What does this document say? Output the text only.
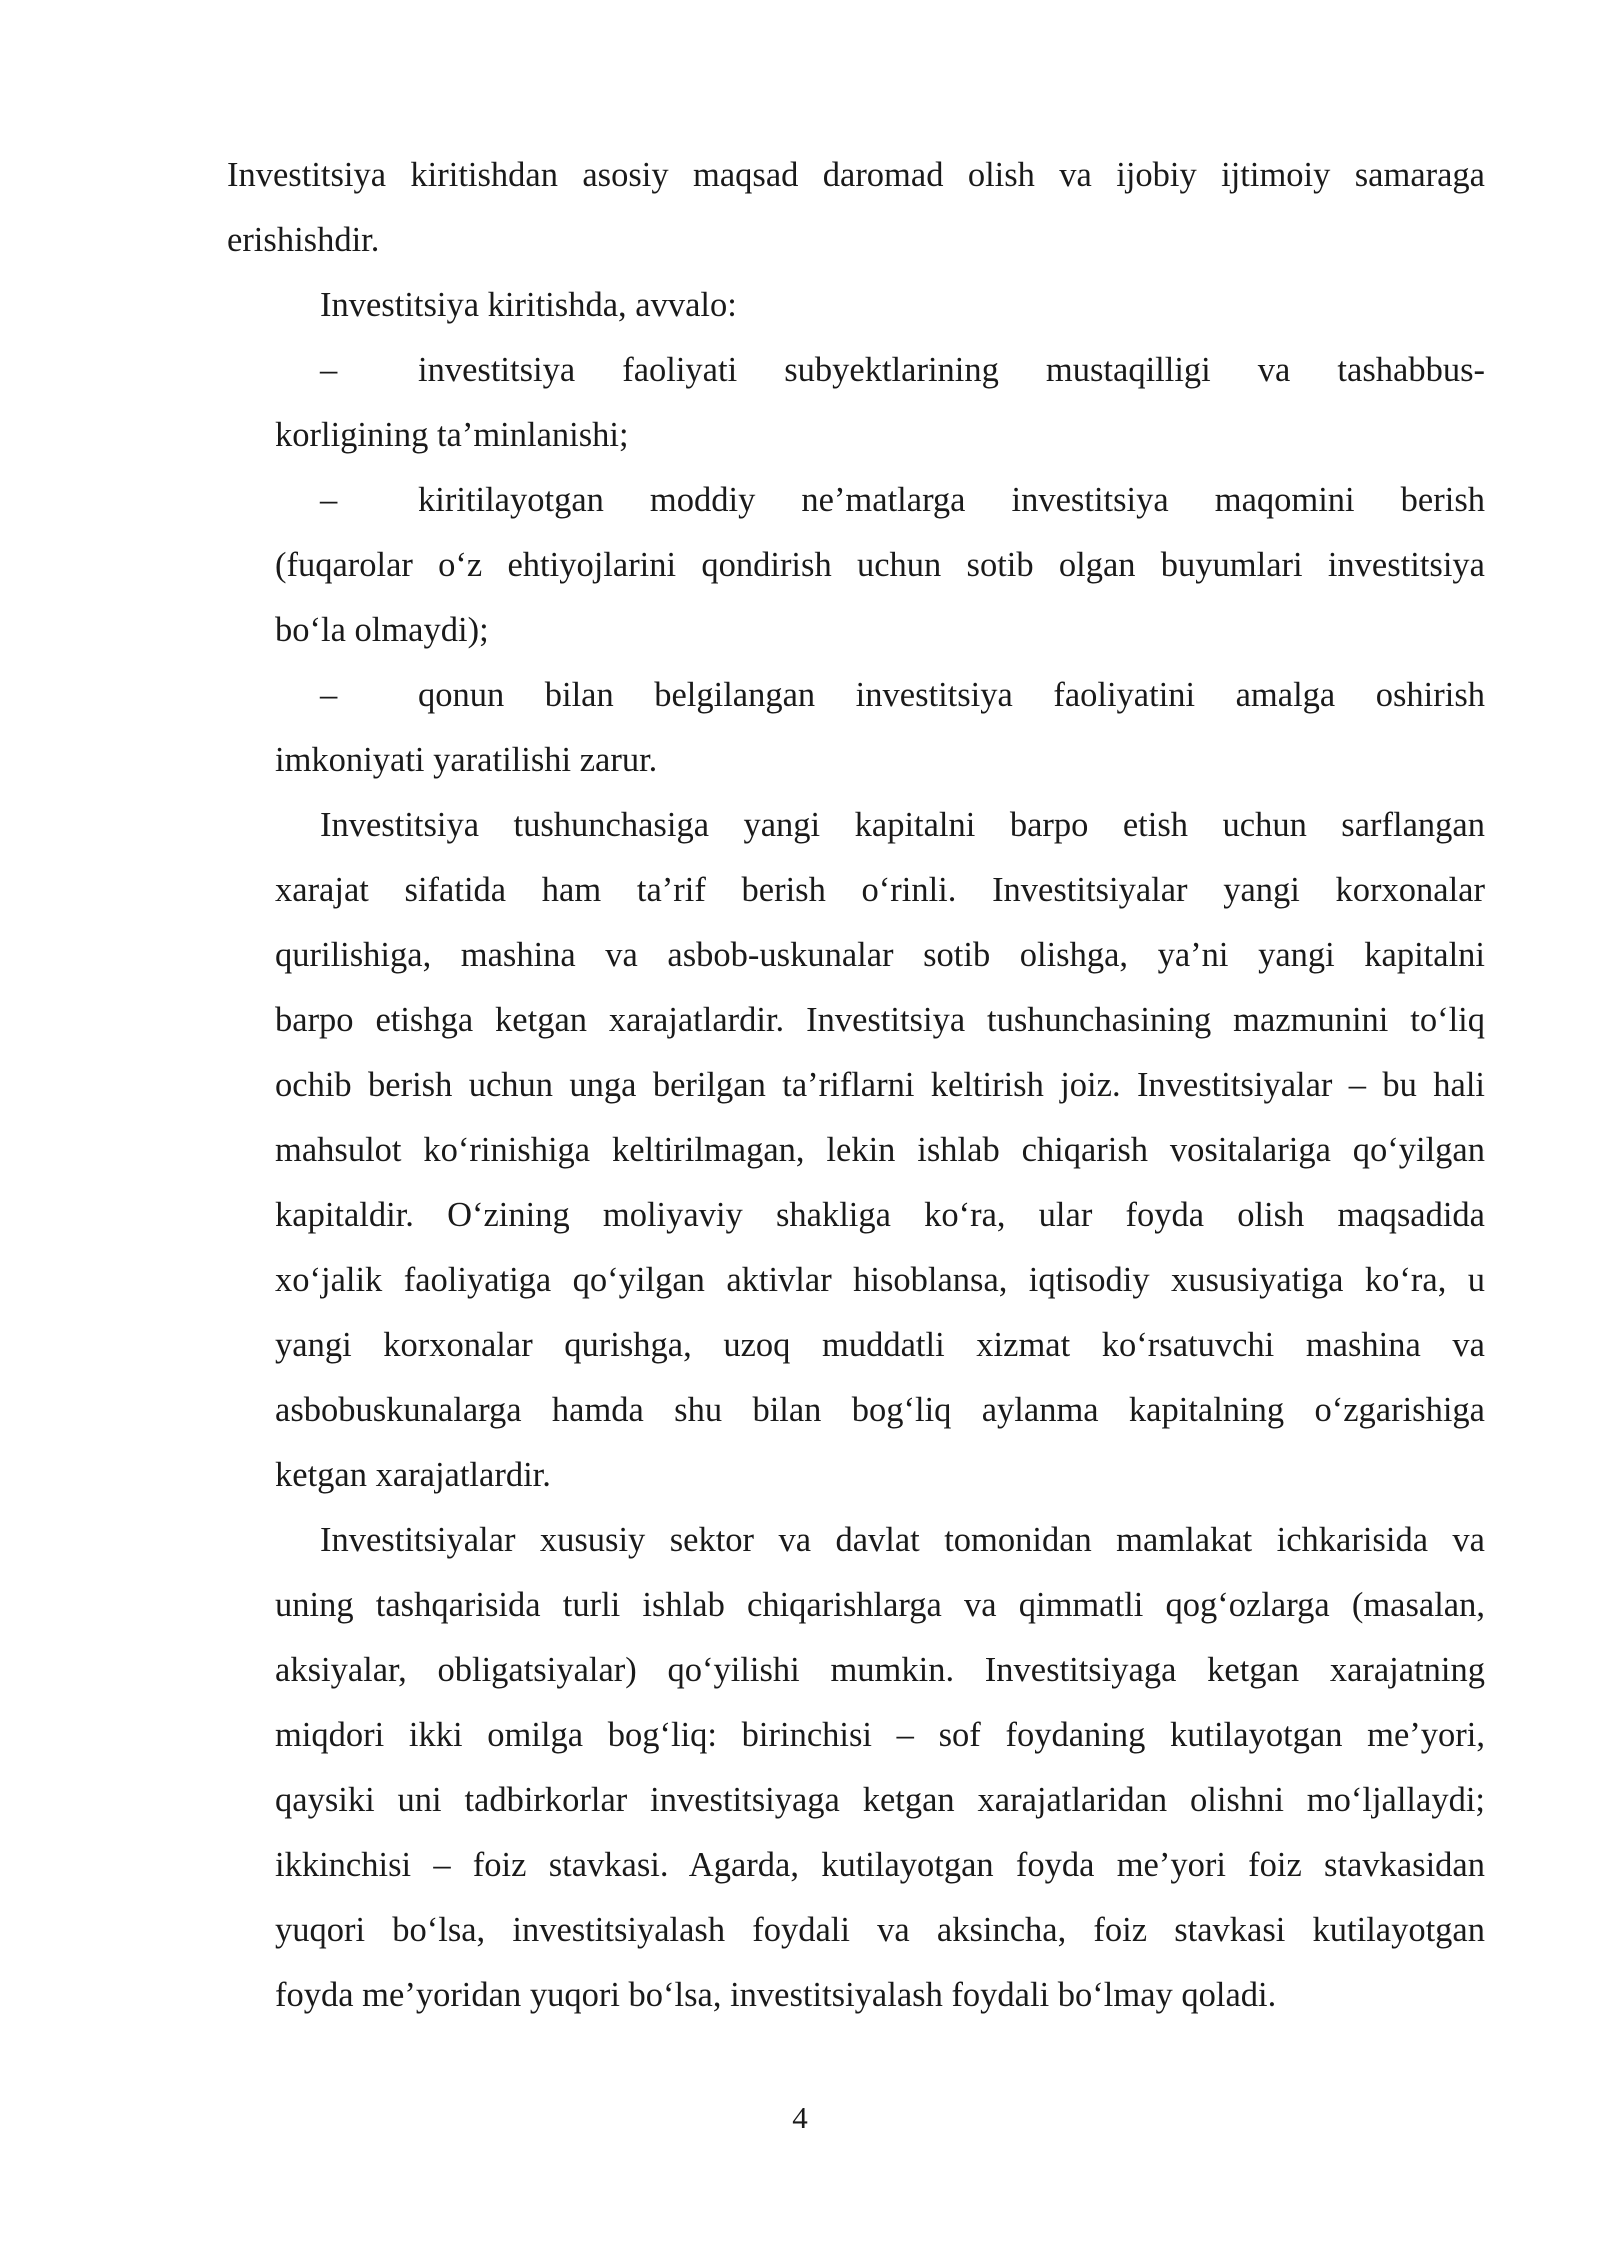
Investitsiya kiritishdan asosiy maqsad daromad olish va ijobiy ijtimoiy samaraga
erishishdir.
Investitsiya kiritishda, avvalo:
– investitsiya faoliyati subyektlarining mustaqilligi va tashabbus-
korligining ta’minlanishi;
– kiritilayotgan moddiy ne’matlarga investitsiya maqomini berish
(fuqarolar o‘z ehtiyojlarini qondirish uchun sotib olgan buyumlari investitsiya
bo‘la olmaydi);
– qonun bilan belgilangan investitsiya faoliyatini amalga oshirish
imkoniyati yaratilishi zarur.
Investitsiya tushunchasiga yangi kapitalni barpo etish uchun sarflangan
xarajat sifatida ham ta’rif berish o‘rinli. Investitsiyalar yangi korxonalar
qurilishiga, mashina va asbob-uskunalar sotib olishga, ya’ni yangi kapitalni
barpo etishga ketgan xarajatlardir. Investitsiya tushunchasining mazmunini to‘liq
ochib berish uchun unga berilgan ta’riflarni keltirish joiz. Investitsiyalar – bu hali
mahsulot ko‘rinishiga keltirilmagan, lekin ishlab chiqarish vositalariga qo‘yilgan
kapitaldir. O‘zining moliyaviy shakliga ko‘ra, ular foyda olish maqsadida
xo‘jalik faoliyatiga qo‘yilgan aktivlar hisoblansa, iqtisodiy xususiyatiga ko‘ra, u
yangi korxonalar qurishga, uzoq muddatli xizmat ko‘rsatuvchi mashina va
asbobuskunalarga hamda shu bilan bog‘liq aylanma kapitalning o‘zgarishiga
ketgan xarajatlardir.
Investitsiyalar xususiy sektor va davlat tomonidan mamlakat ichkarisida va
uning tashqarisida turli ishlab chiqarishlarga va qimmatli qog‘ozlarga (masalan,
aksiyalar, obligatsiyalar) qo‘yilishi mumkin. Investitsiyaga ketgan xarajatning
miqdori ikki omilga bog‘liq: birinchisi – sof foydaning kutilayotgan me’yori,
qaysiki uni tadbirkorlar investitsiyaga ketgan xarajatlaridan olishni mo‘ljallaydi;
ikkinchisi – foiz stavkasi. Agarda, kutilayotgan foyda me’yori foiz stavkasidan
yuqori bo‘lsa, investitsiyalash foydali va aksincha, foiz stavkasi kutilayotgan
foyda me’yoridan yuqori bo‘lsa, investitsiyalash foydali bo‘lmay qoladi.
4
